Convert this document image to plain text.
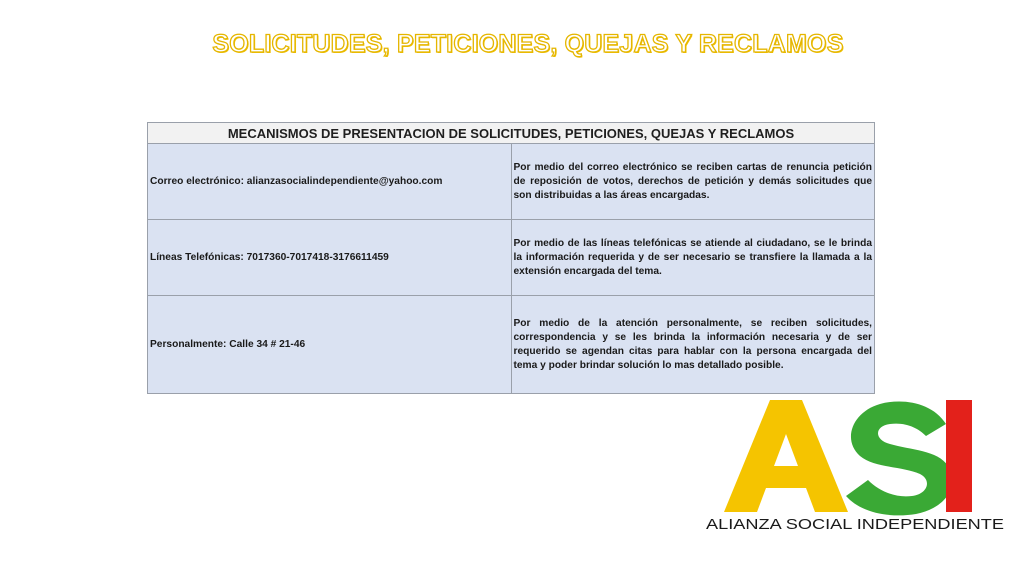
SOLICITUDES, PETICIONES, QUEJAS Y RECLAMOS
MECANISMOS DE PRESENTACION DE SOLICITUDES, PETICIONES, QUEJAS Y RECLAMOS	
Correo electrónico: alianzasocialindependiente@yahoo.com	Por medio del correo electrónico se reciben cartas de renuncia petición de reposición de votos, derechos de petición y demás solicitudes que son distribuidas a las áreas encargadas.
Líneas Telefónicas: 7017360-7017418-3176611459	Por medio de las líneas telefónicas se atiende al ciudadano, se le brinda la información requerida y de ser necesario se transfiere la llamada a la extensión encargada del tema.
Personalmente: Calle 34 # 21-46	Por medio de la atención personalmente, se reciben solicitudes, correspondencia y se les brinda la información necesaria y de ser requerido se agendan citas para hablar con la persona encargada del tema y poder brindar solución lo mas detallado posible.
ALIANZA SOCIAL INDEPENDIENTE
